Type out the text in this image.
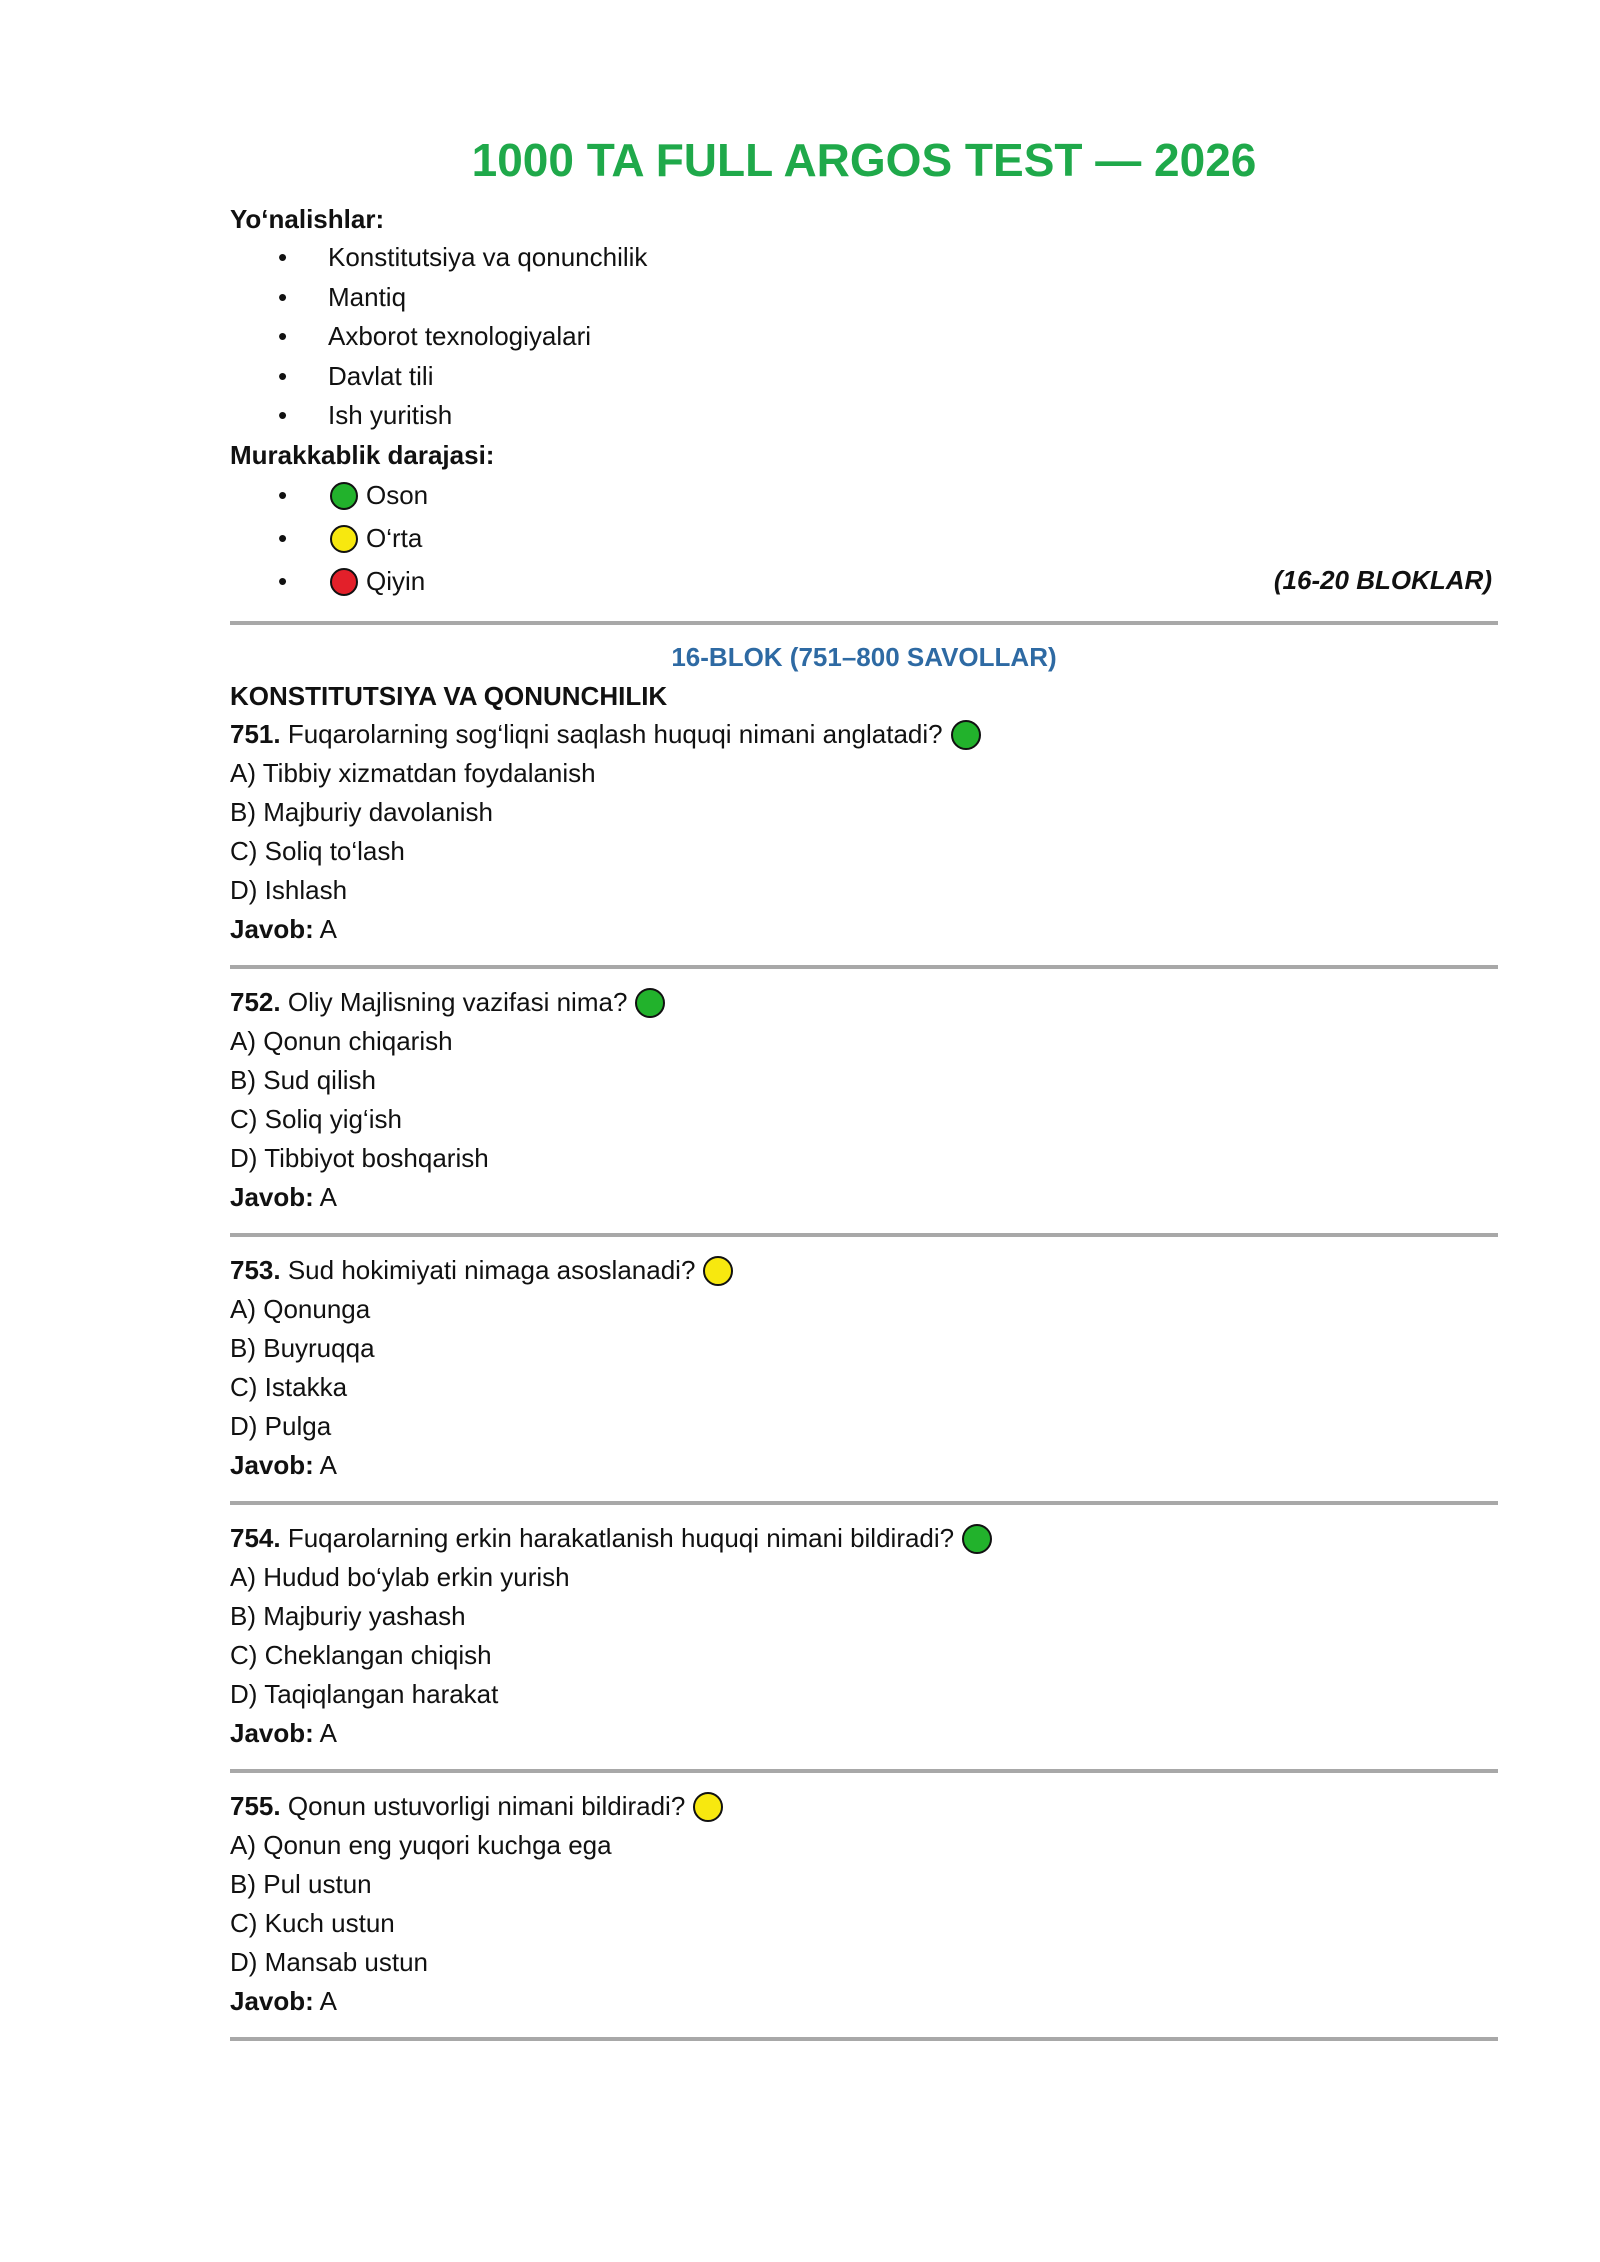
1000 TA FULL ARGOS TEST — 2026
Yo‘nalishlar:
• Konstitutsiya va qonunchilik
• Mantiq
• Axborot texnologiyalari
• Davlat tili
• Ish yuritish
Murakkablik darajasi:
•	Oson
•	O‘rta
•	Qiyin	(16-20 BLOKLAR)
16-BLOK (751–800 SAVOLLAR)
KONSTITUTSIYA VA QONUNCHILIK
751. Fuqarolarning sog‘liqni saqlash huquqi nimani anglatadi?
A) Tibbiy xizmatdan foydalanish
B) Majburiy davolanish
C) Soliq to‘lash
D) Ishlash
Javob: A
752. Oliy Majlisning vazifasi nima?
A) Qonun chiqarish
B) Sud qilish
C) Soliq yig‘ish
D) Tibbiyot boshqarish
Javob: A
753. Sud hokimiyati nimaga asoslanadi?
A) Qonunga
B) Buyruqqa
C) Istakka
D) Pulga
Javob: A
754. Fuqarolarning erkin harakatlanish huquqi nimani bildiradi?
A) Hudud bo‘ylab erkin yurish
B) Majburiy yashash
C) Cheklangan chiqish
D) Taqiqlangan harakat
Javob: A
755. Qonun ustuvorligi nimani bildiradi?
A) Qonun eng yuqori kuchga ega
B) Pul ustun
C) Kuch ustun
D) Mansab ustun
Javob: A
